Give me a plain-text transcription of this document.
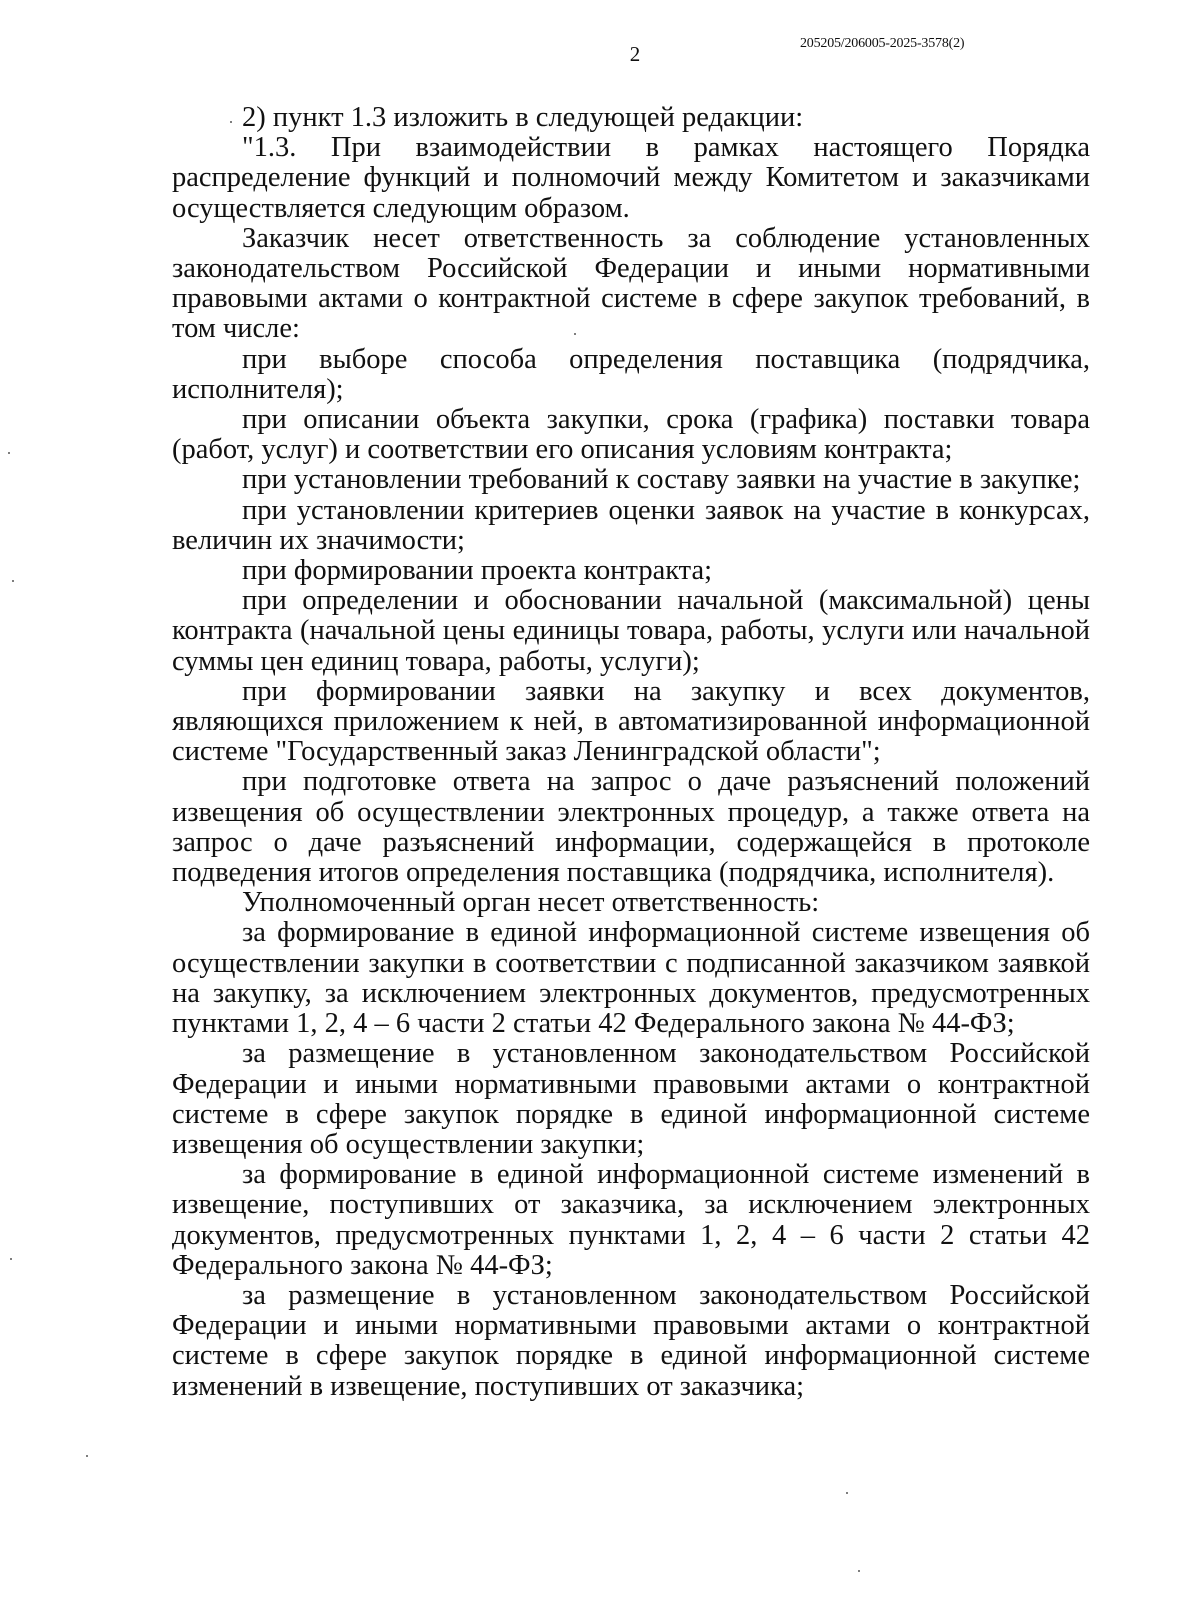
2	205205/206005-2025-3578(2)

2) пункт 1.3 изложить в следующей редакции:

"1.3. При взаимодействии в рамках настоящего Порядка распределение функций и полномочий между Комитетом и заказчиками осуществляется следующим образом.

Заказчик несет ответственность за соблюдение установленных законодательством Российской Федерации и иными нормативными правовыми актами о контрактной системе в сфере закупок требований, в том числе:

при выборе способа определения поставщика (подрядчика, исполнителя);

при описании объекта закупки, срока (графика) поставки товара (работ, услуг) и соответствии его описания условиям контракта;

при установлении требований к составу заявки на участие в закупке;

при установлении критериев оценки заявок на участие в конкурсах, величин их значимости;

при формировании проекта контракта;

при определении и обосновании начальной (максимальной) цены контракта (начальной цены единицы товара, работы, услуги или начальной суммы цен единиц товара, работы, услуги);

при формировании заявки на закупку и всех документов, являющихся приложением к ней, в автоматизированной информационной системе "Государственный заказ Ленинградской области";

при подготовке ответа на запрос о даче разъяснений положений извещения об осуществлении электронных процедур, а также ответа на запрос о даче разъяснений информации, содержащейся в протоколе подведения итогов определения поставщика (подрядчика, исполнителя).

Уполномоченный орган несет ответственность:

за формирование в единой информационной системе извещения об осуществлении закупки в соответствии с подписанной заказчиком заявкой на закупку, за исключением электронных документов, предусмотренных пунктами 1, 2, 4 – 6 части 2 статьи 42 Федерального закона № 44-ФЗ;

за размещение в установленном законодательством Российской Федерации и иными нормативными правовыми актами о контрактной системе в сфере закупок порядке в единой информационной системе извещения об осуществлении закупки;

за формирование в единой информационной системе изменений в извещение, поступивших от заказчика, за исключением электронных документов, предусмотренных пунктами 1, 2, 4 – 6 части 2 статьи 42 Федерального закона № 44-ФЗ;

за размещение в установленном законодательством Российской Федерации и иными нормативными правовыми актами о контрактной системе в сфере закупок порядке в единой информационной системе изменений в извещение, поступивших от заказчика;
